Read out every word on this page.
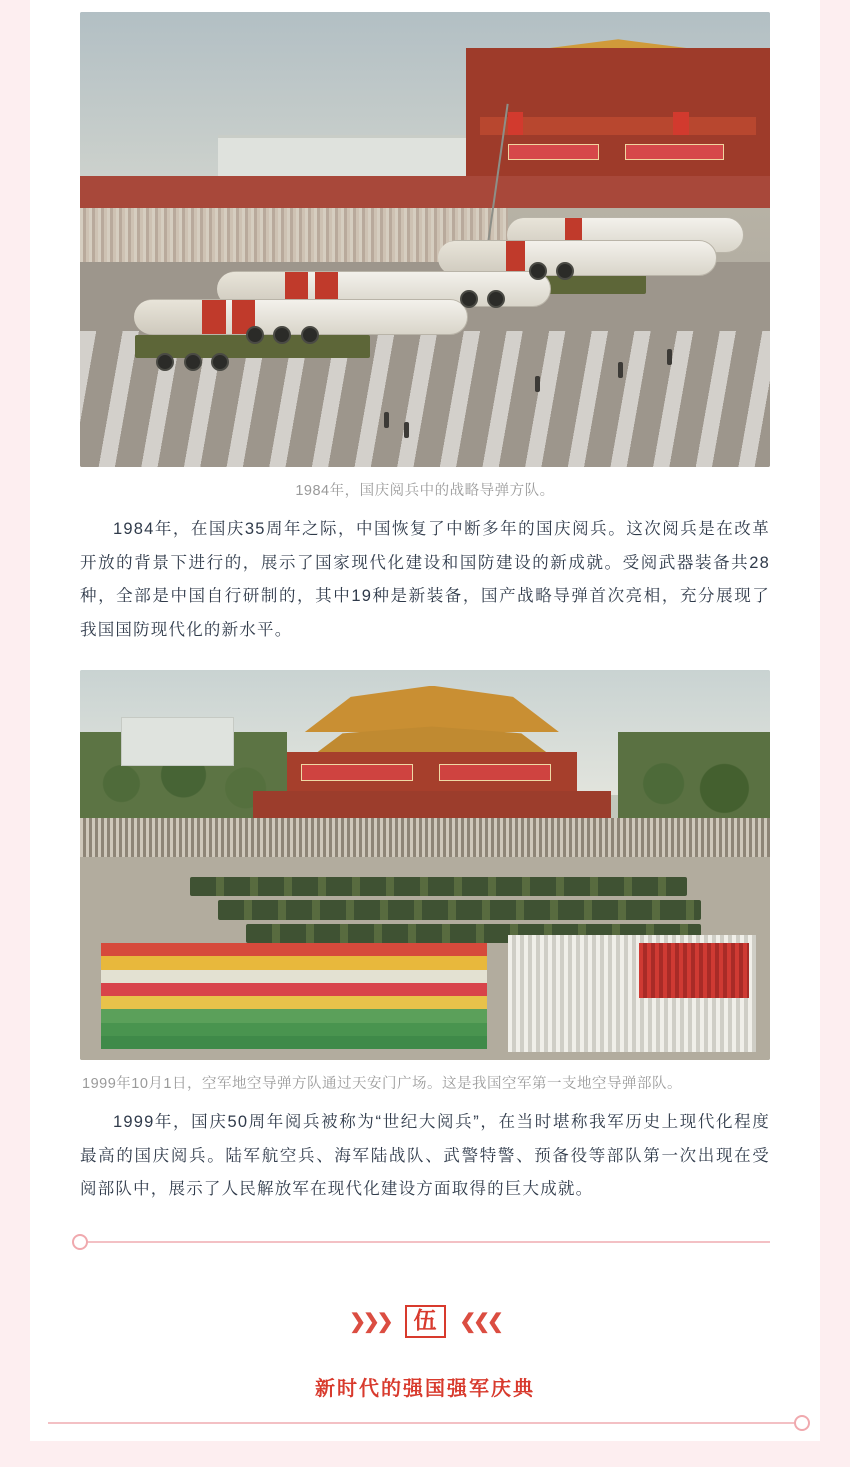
1984年，国庆阅兵中的战略导弹方队。

1984年，在国庆35周年之际，中国恢复了中断多年的国庆阅兵。这次阅兵是在改革开放的背景下进行的，展示了国家现代化建设和国防建设的新成就。受阅武器装备共28种，全部是中国自行研制的，其中19种是新装备，国产战略导弹首次亮相，充分展现了我国国防现代化的新水平。

1999年10月1日，空军地空导弹方队通过天安门广场。这是我国空军第一支地空导弹部队。

1999年，国庆50周年阅兵被称为“世纪大阅兵”，在当时堪称我军历史上现代化程度最高的国庆阅兵。陆军航空兵、海军陆战队、武警特警、预备役等部队第一次出现在受阅部队中，展示了人民解放军在现代化建设方面取得的巨大成就。

❯❯❯	伍	❮❮❮
新时代的强国强军庆典
